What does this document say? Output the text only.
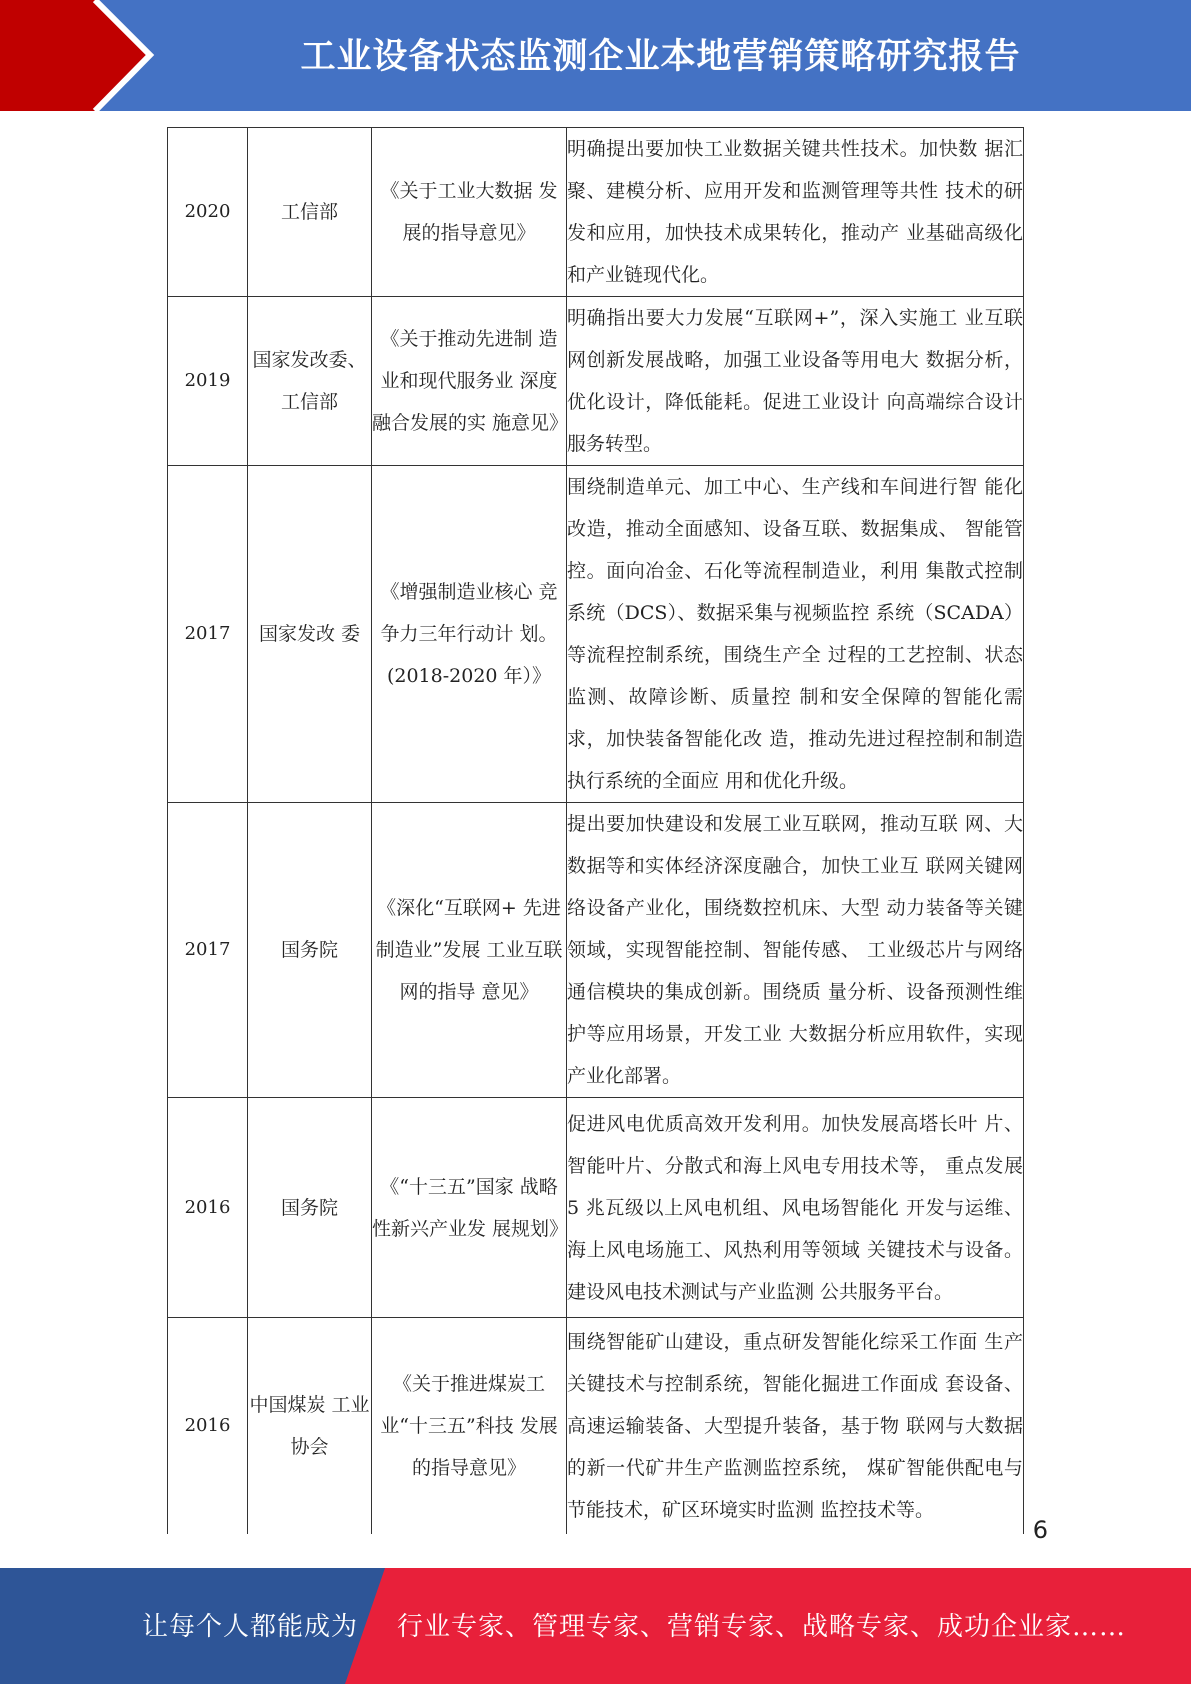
工业设备状态监测企业本地营销策略研究报告
2020	工信部	《关于工业大数据 发展的指导意见》	明确提出要加快工业数据关键共性技术。加快数 据汇聚、建模分析、应用开发和监测管理等共性 技术的研发和应用，加快技术成果转化，推动产 业基础高级化和产业链现代化。
2019	国家发改委、工信部	《关于推动先进制 造业和现代服务业 深度融合发展的实 施意见》	明确指出要大力发展“互联网+”，深入实施工 业互联网创新发展战略，加强工业设备等用电大 数据分析，优化设计，降低能耗。促进工业设计 向高端综合设计服务转型。
2017	国家发改 委	《增强制造业核心 竞争力三年行动计 划。(2018-2020 年）》	围绕制造单元、加工中心、生产线和车间进行智 能化改造，推动全面感知、设备互联、数据集成、 智能管控。面向冶金、石化等流程制造业，利用 集散式控制系统（DCS）、数据采集与视频监控 系统（SCADA）等流程控制系统，围绕生产全 过程的工艺控制、状态监测、故障诊断、质量控 制和安全保障的智能化需求，加快装备智能化改 造，推动先进过程控制和制造执行系统的全面应 用和优化升级。
2017	国务院	《深化“互联网+ 先进制造业”发展 工业互联网的指导 意见》	提出要加快建设和发展工业互联网，推动互联 网、大数据等和实体经济深度融合，加快工业互 联网关键网络设备产业化，围绕数控机床、大型 动力装备等关键领域，实现智能控制、智能传感、 工业级芯片与网络通信模块的集成创新。围绕质 量分析、设备预测性维护等应用场景，开发工业 大数据分析应用软件，实现产业化部署。
2016	国务院	《“十三五”国家 战略性新兴产业发 展规划》	促进风电优质高效开发利用。加快发展高塔长叶 片、智能叶片、分散式和海上风电专用技术等， 重点发展 5 兆瓦级以上风电机组、风电场智能化 开发与运维、海上风电场施工、风热利用等领域 关键技术与设备。建设风电技术测试与产业监测 公共服务平台。
2016	中国煤炭 工业协会	《关于推进煤炭工 业“十三五”科技 发展的指导意见》	围绕智能矿山建设，重点研发智能化综采工作面 生产关键技术与控制系统，智能化掘进工作面成 套设备、高速运输装备、大型提升装备，基于物 联网与大数据的新一代矿井生产监测监控系统， 煤矿智能供配电与节能技术，矿区环境实时监测 监控技术等。
6
让每个人都能成为 行业专家、管理专家、营销专家、战略专家、成功企业家……
